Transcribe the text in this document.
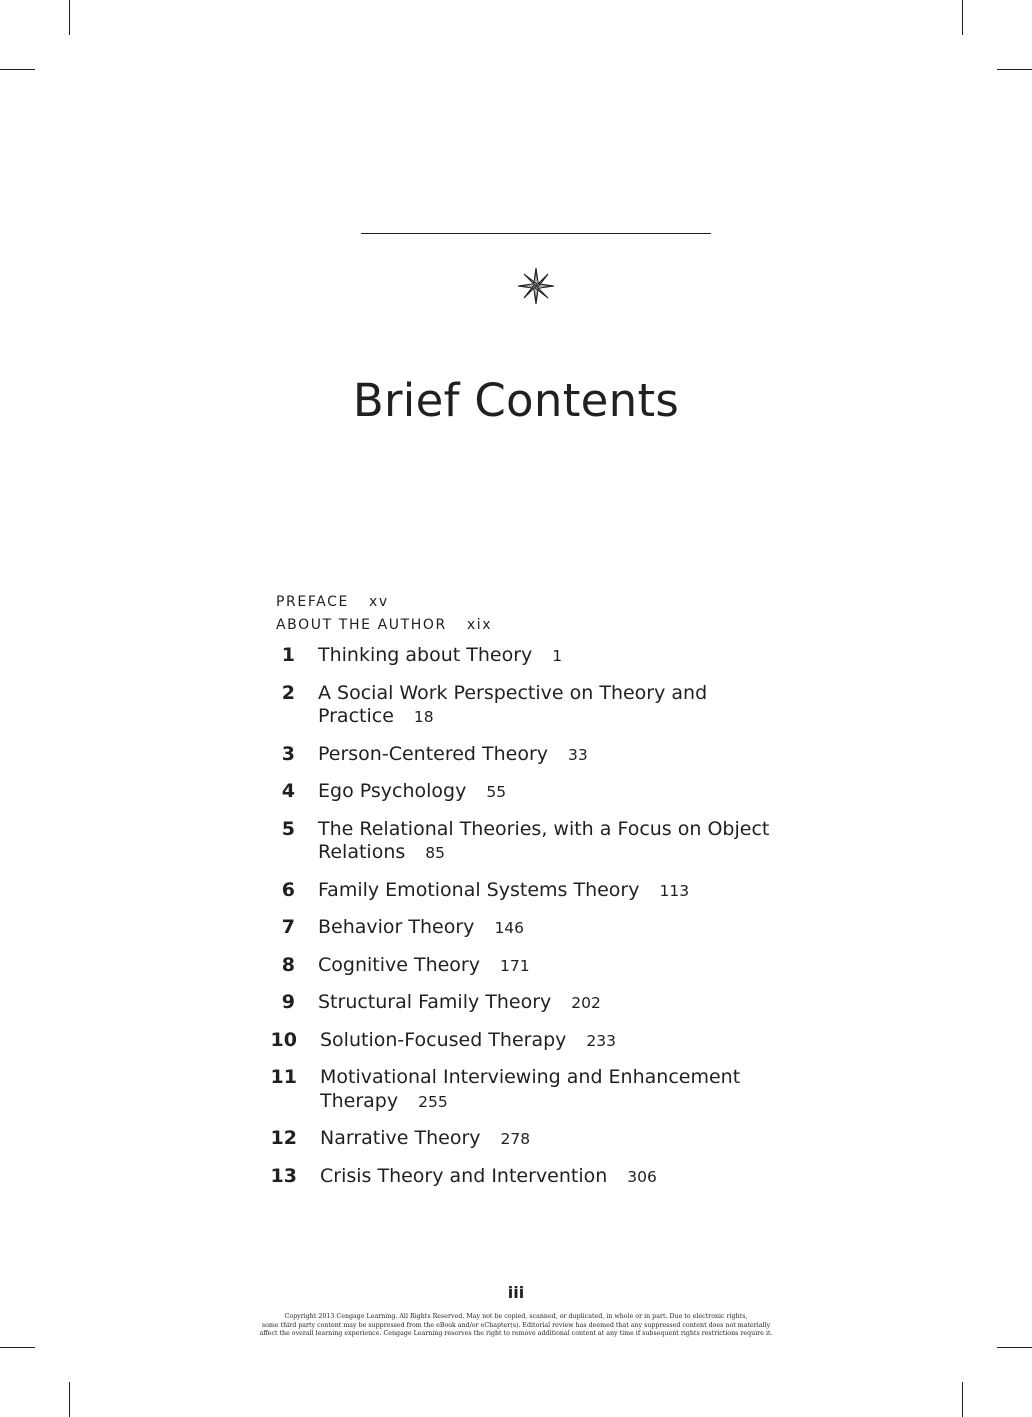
Brief Contents
PREFACE xv
ABOUT THE AUTHOR xix
1 Thinking about Theory 1
2 A Social Work Perspective on Theory and
Practice 18
3 Person-Centered Theory 33
4 Ego Psychology 55
5 The Relational Theories, with a Focus on Object
Relations 85
6 Family Emotional Systems Theory 113
7 Behavior Theory 146
8 Cognitive Theory 171
9 Structural Family Theory 202
10 Solution-Focused Therapy 233
11 Motivational Interviewing and Enhancement
Therapy 255
12 Narrative Theory 278
13 Crisis Theory and Intervention 306
iii
Copyright 2013 Cengage Learning. All Rights Reserved. May not be copied, scanned, or duplicated, in whole or in part. Due to electronic rights,
some third party content may be suppressed from the eBook and/or eChapter(s). Editorial review has deemed that any suppressed content does not materially
affect the overall learning experience. Cengage Learning reserves the right to remove additional content at any time if subsequent rights restrictions require it.
